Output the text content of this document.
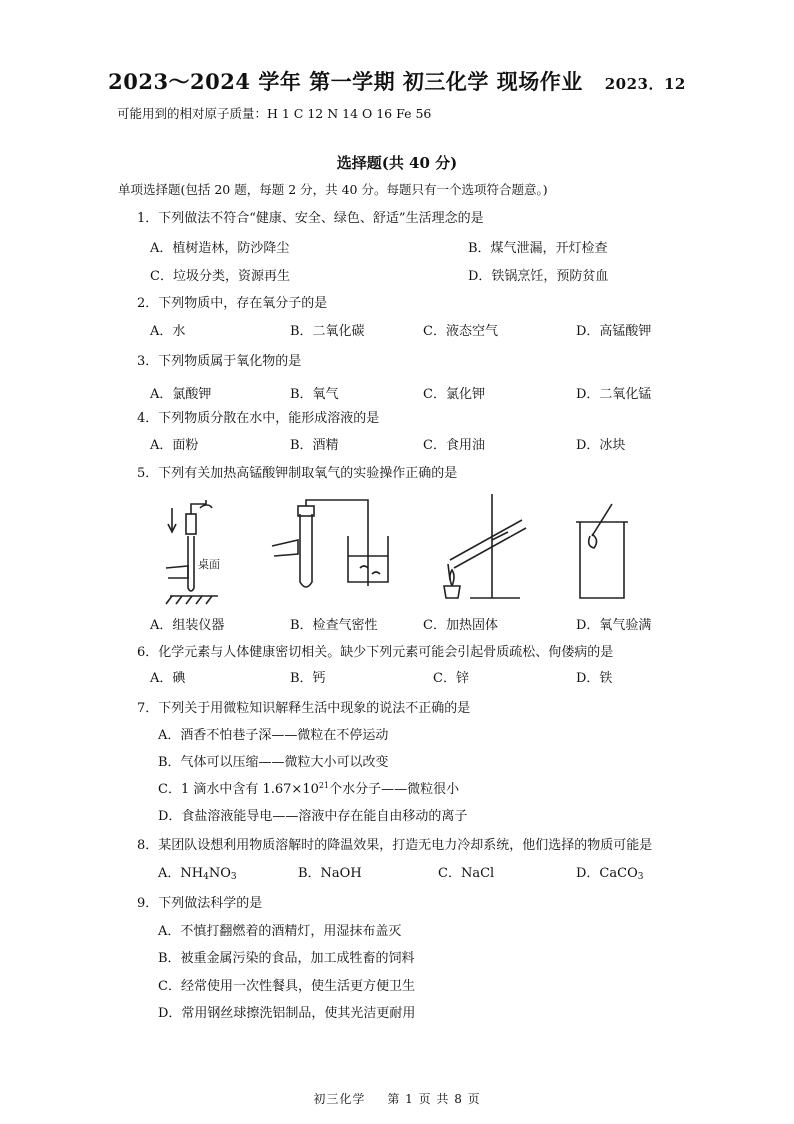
2023～2024 学年 第一学期 初三化学 现场作业 2023．12
可能用到的相对原子质量：H 1 C 12 N 14 O 16 Fe 56
选择题(共 40 分)
单项选择题(包括 20 题，每题 2 分，共 40 分。每题只有一个选项符合题意。)
1．下列做法不符合“健康、安全、绿色、舒适”生活理念的是
A．植树造林，防沙降尘	B．煤气泄漏，开灯检查
C．垃圾分类，资源再生	D．铁锅烹饪，预防贫血
2．下列物质中，存在氧分子的是
A．水	B．二氧化碳	C．液态空气	D．高锰酸钾
3．下列物质属于氧化物的是
A．氯酸钾	B．氧气	C．氯化钾	D．二氧化锰
4．下列物质分散在水中，能形成溶液的是
A．面粉	B．酒精	C．食用油	D．冰块
5．下列有关加热高锰酸钾制取氧气的实验操作正确的是
桌面
A．组装仪器	B．检查气密性	C．加热固体	D．氧气验满
6．化学元素与人体健康密切相关。缺少下列元素可能会引起骨质疏松、佝偻病的是
A．碘	B．钙	C．锌	D．铁
7．下列关于用微粒知识解释生活中现象的说法不正确的是
A．酒香不怕巷子深——微粒在不停运动
B．气体可以压缩——微粒大小可以改变
C．1 滴水中含有 $1.67\times 10^{21}$个水分子——微粒很小
D．食盐溶液能导电——溶液中存在能自由移动的离子
8．某团队设想利用物质溶解时的降温效果，打造无电力冷却系统，他们选择的物质可能是
A．$NH_4NO_3$	B．NaOH	C．NaCl	D．CaCO$_3$
9．下列做法科学的是
A．不慎打翻燃着的酒精灯，用湿抹布盖灭
B．被重金属污染的食品，加工成牲畜的饲料
C．经常使用一次性餐具，使生活更方便卫生
D．常用钢丝球擦洗铝制品，使其光洁更耐用
初三化学 第 1 页 共 8 页
